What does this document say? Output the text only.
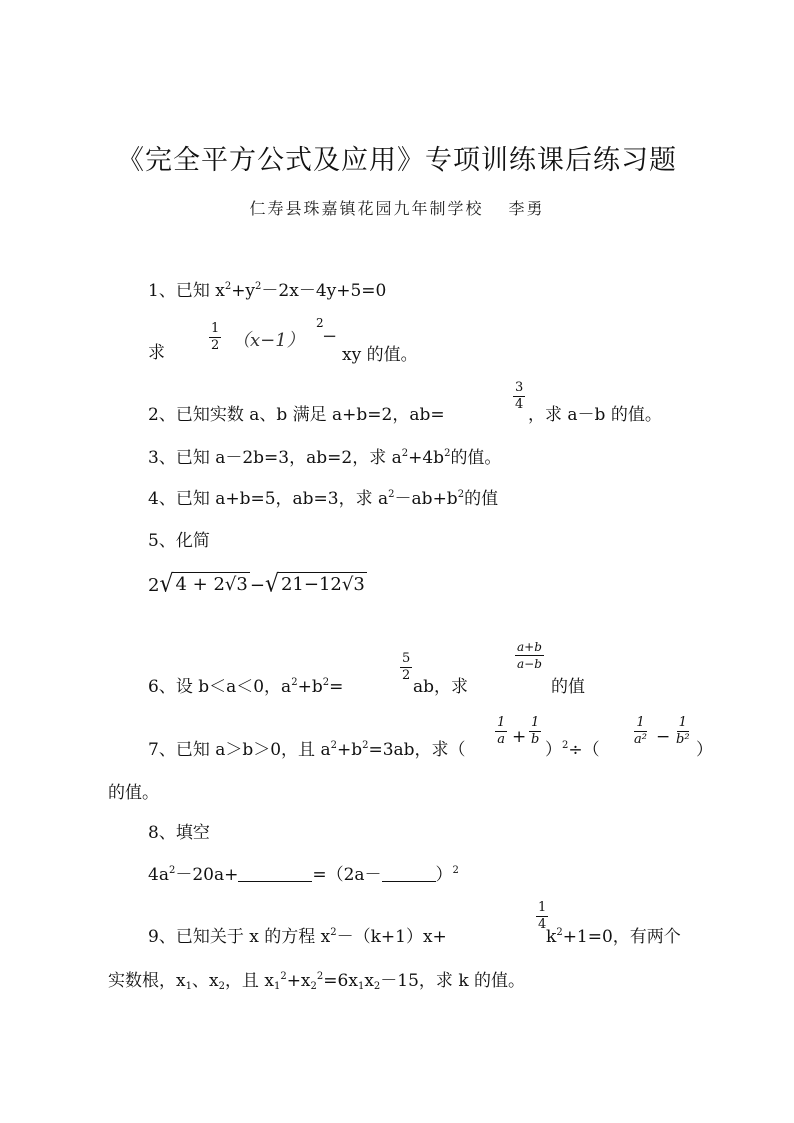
《完全平方公式及应用》专项训练课后练习题
仁寿县珠嘉镇花园九年制学校　 李勇
1、已知 $x^2+y^2-2x-4y+5=0$
求	$\frac{1}{2} (x-1)$
2
−
xy 的值。
2、已知实数 a、b 满足 a+b=2，ab=
$\frac{3}{4}$
，求 a－b 的值。
3、已知 a－2b=3，ab=2，求 $a^2+4b^2$的值。
4、已知 a+b=5，ab=3，求 $a^2-ab+b^2$的值
5、化简
2 √ 4 + 2√3 − √ 21−12√3
6、设 b＜a＜0，$a^2+b^2=$
$\frac{5}{2}$
ab，求
$\frac{a+b}{a-b}$
的值
7、已知 a＞b＞0，且 $a^2+b^2=3ab$，求（
$\frac{1}{a} + \frac{1}{b}$
）$^2$÷（
$\frac{1}{\text{a²}} - \frac{1}{\text{b²}}$
）
的值。
8、填空
$4a^2-20a+$	=（2a－	）$^2$
9、已知关于 x 的方程 $x^2-(k+1)x+$
$\frac{1}{4}$
$k^2+1=0$，有两个
实数根，$x_1$、$x_2$，且 $x_1^2+x_2^2=6x_1x_2-15$，求 k 的值。
